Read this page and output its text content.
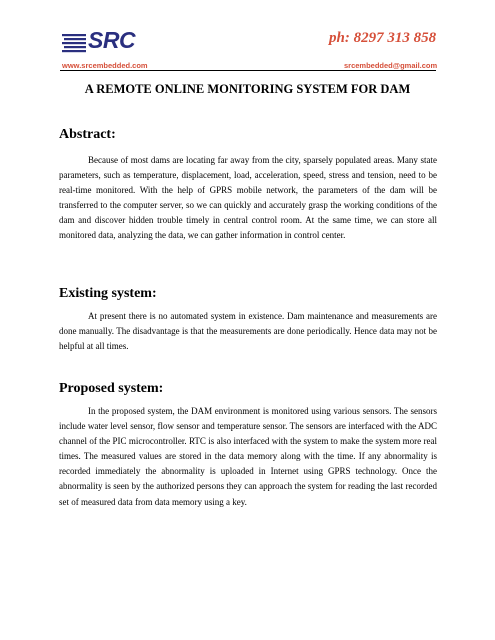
SRC	ph: 8297 313 858
www.srcembedded.com	srcembedded@gmail.com
A REMOTE ONLINE MONITORING SYSTEM FOR DAM
Abstract:

Because of most dams are locating far away from the city, sparsely populated areas. Many state parameters, such as temperature, displacement, load, acceleration, speed, stress and tension, need to be real-time monitored. With the help of GPRS mobile network, the parameters of the dam will be transferred to the computer server, so we can quickly and accurately grasp the working conditions of the dam and discover hidden trouble timely in central control room. At the same time, we can store all monitored data, analyzing the data, we can gather information in control center.

Existing system:

At present there is no automated system in existence. Dam maintenance and measurements are done manually. The disadvantage is that the measurements are done periodically. Hence data may not be helpful at all times.

Proposed system:

In the proposed system, the DAM environment is monitored using various sensors. The sensors include water level sensor, flow sensor and temperature sensor. The sensors are interfaced with the ADC channel of the PIC microcontroller. RTC is also interfaced with the system to make the system more real times. The measured values are stored in the data memory along with the time. If any abnormality is recorded immediately the abnormality is uploaded in Internet using GPRS technology. Once the abnormality is seen by the authorized persons they can approach the system for reading the last recorded set of measured data from data memory using a key.
